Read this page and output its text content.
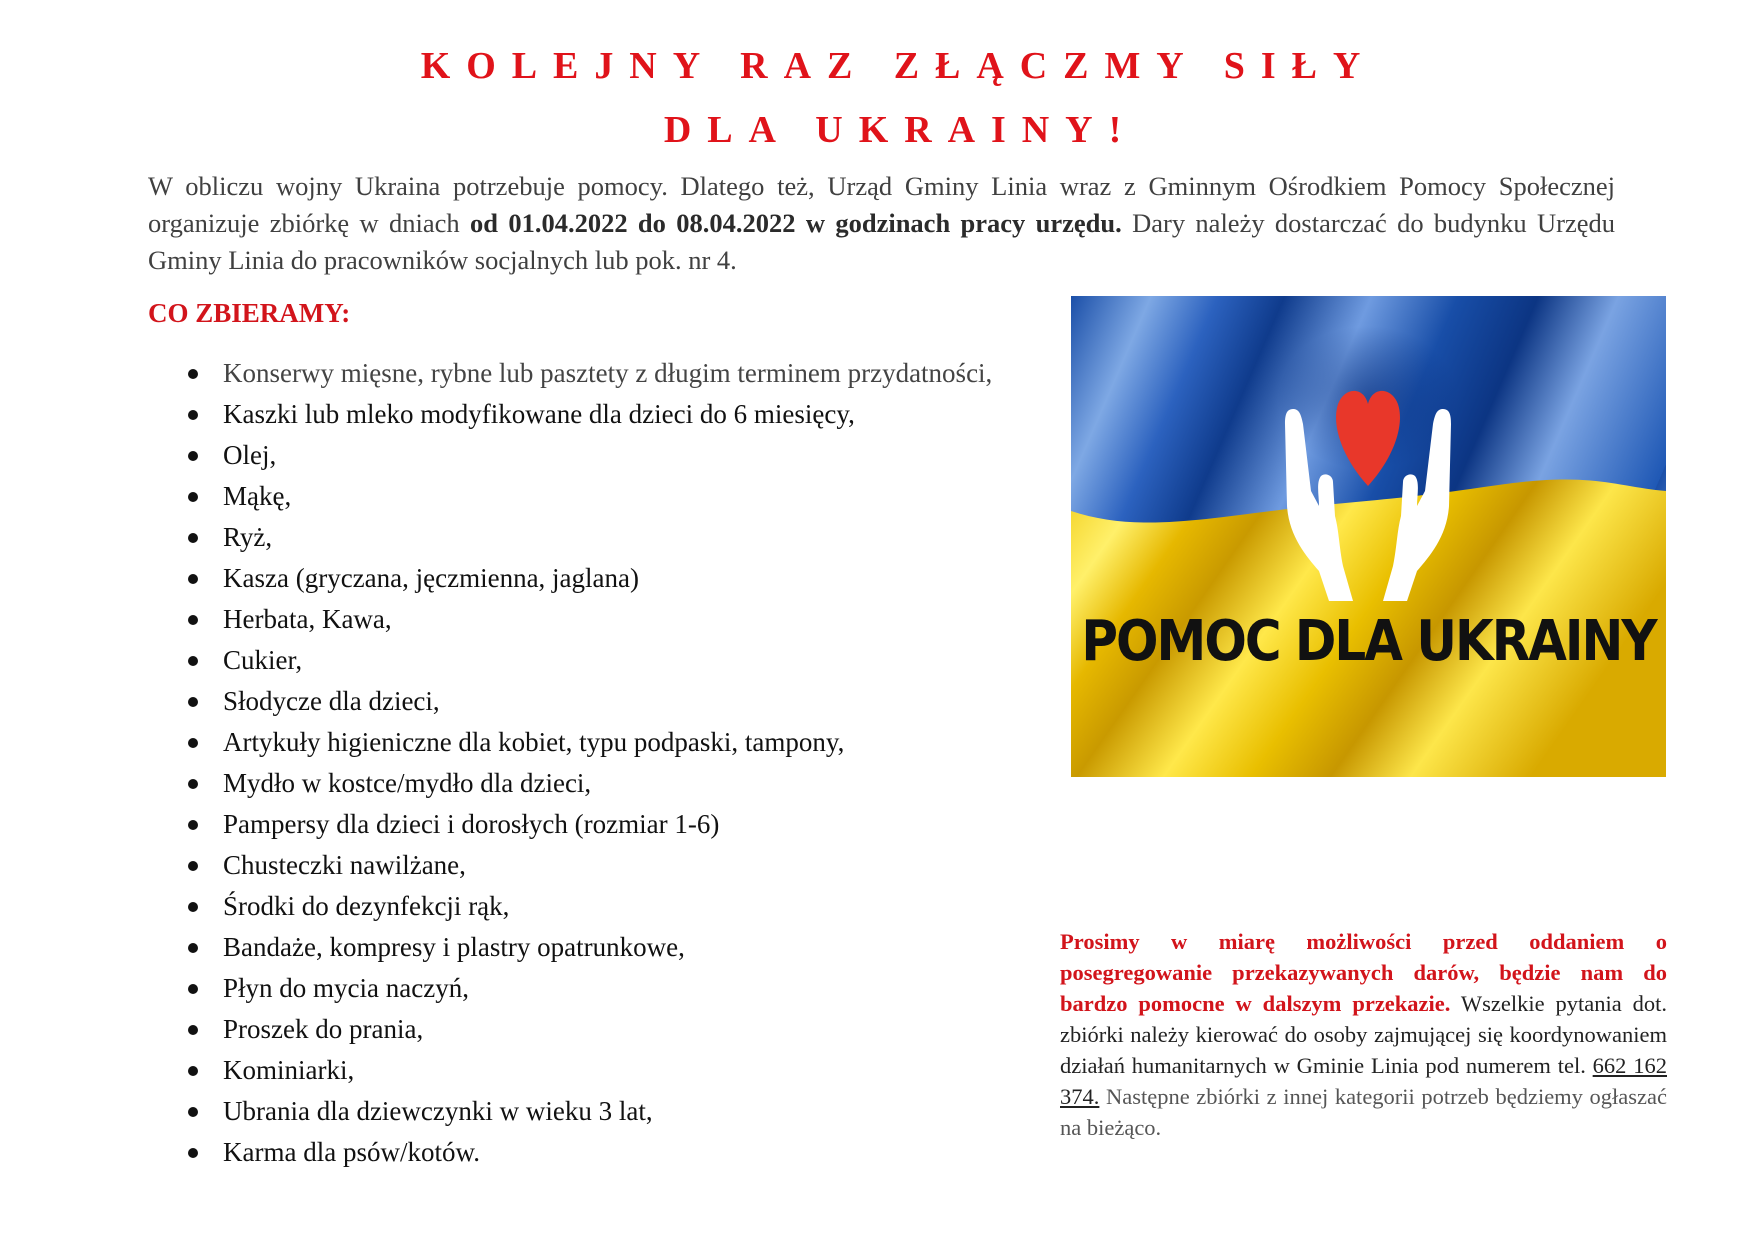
KOLEJNY RAZ ZŁĄCZMY SIŁY
DLA UKRAINY!

W obliczu wojny Ukraina potrzebuje pomocy. Dlatego też, Urząd Gminy Linia wraz z Gminnym Ośrodkiem Pomocy Społecznej organizuje zbiórkę w dniach od 01.04.2022 do 08.04.2022 w godzinach pracy urzędu. Dary należy dostarczać do budynku Urzędu Gminy Linia do pracowników socjalnych lub pok. nr 4.

CO ZBIERAMY:
Konserwy mięsne, rybne lub pasztety z długim terminem przydatności,
Kaszki lub mleko modyfikowane dla dzieci do 6 miesięcy,
Olej,
Mąkę,
Ryż,
Kasza (gryczana, jęczmienna, jaglana)
Herbata, Kawa,
Cukier,
Słodycze dla dzieci,
Artykuły higieniczne dla kobiet, typu podpaski, tampony,
Mydło w kostce/mydło dla dzieci,
Pampersy dla dzieci i dorosłych (rozmiar 1-6)
Chusteczki nawilżane,
Środki do dezynfekcji rąk,
Bandaże, kompresy i plastry opatrunkowe,
Płyn do mycia naczyń,
Proszek do prania,
Kominiarki,
Ubrania dla dziewczynki w wieku 3 lat,
Karma dla psów/kotów.
POMOC DLA UKRAINY

Prosimy w miarę możliwości przed oddaniem o posegregowanie przekazywanych darów, będzie nam do bardzo pomocne w dalszym przekazie. Wszelkie pytania dot. zbiórki należy kierować do osoby zajmującej się koordynowaniem działań humanitarnych w Gminie Linia pod numerem tel. 662 162 374. Następne zbiórki z innej kategorii potrzeb będziemy ogłaszać na bieżąco.
